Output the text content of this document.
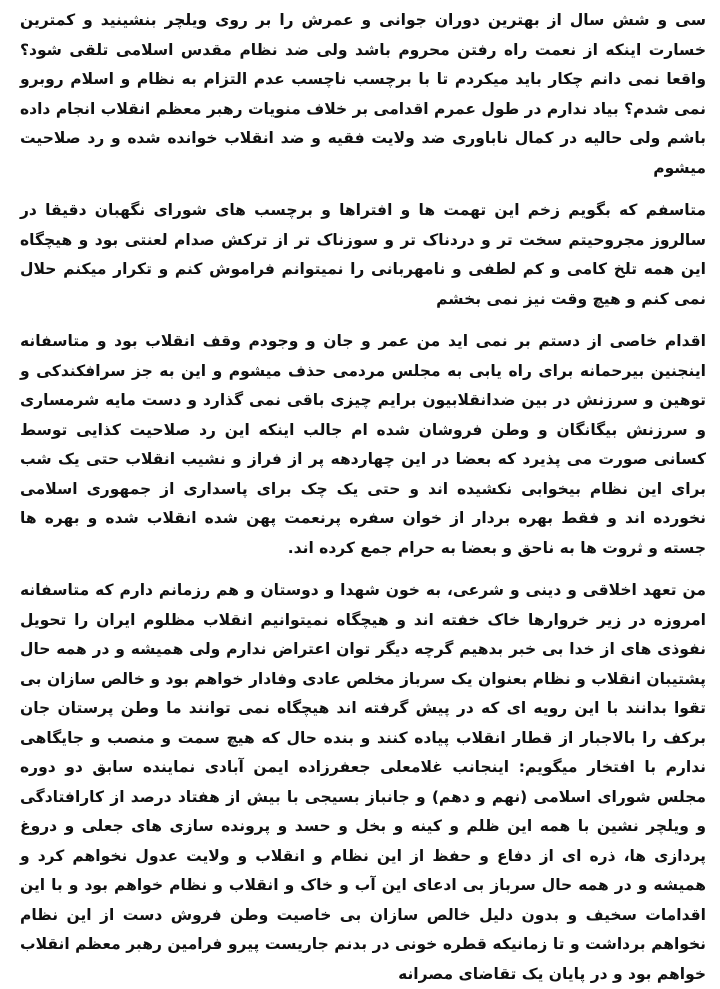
سی و شش سال از بهترین دوران جوانی و عمرش را بر روی ویلچر بنشینید و کمترین خسارت اینکه از نعمت راه رفتن محروم باشد ولی ضد نظام مقدس اسلامی تلقی شود؟ واقعا نمی دانم چکار باید میکردم تا با برچسب ناچسب عدم التزام به نظام و اسلام روبرو نمی شدم؟ بیاد ندارم در طول عمرم اقدامی بر خلاف منویات رهبر معظم انقلاب انجام داده باشم ولی حالیه در کمال ناباوری ضد ولایت فقیه و ضد انقلاب خوانده شده و رد صلاحیت میشوم

متاسفم که بگویم زخم این تهمت ها و افتراها و برچسب های شورای نگهبان دقیقا در سالروز مجروحیتم سخت تر و دردناک تر و سوزناک تر از ترکش صدام لعنتی بود و هیچگاه این همه تلخ کامی و کم لطفی و نامهربانی را نمیتوانم فراموش کنم و تکرار میکنم حلال نمی کنم و هیچ وقت نیز نمی بخشم

اقدام خاصی از دستم بر نمی اید من عمر و جان و وجودم وقف انقلاب بود و متاسفانه اینجنین بیرحمانه برای راه یابی به مجلس مردمی حذف میشوم و این به جز سرافکندکی و توهین و سرزنش در بین ضدانقلابیون برایم چیزی باقی نمی گذارد و دست مایه شرمساری و سرزنش بیگانگان و وطن فروشان شده ام جالب اینکه این رد صلاحیت کذایی توسط کسانی صورت می پذیرد که بعضا در این چهاردهه پر از فراز و نشیب انقلاب حتی یک شب برای این نظام بیخوابی نکشیده اند و حتی یک چک برای پاسداری از جمهوری اسلامی نخورده اند و فقط بهره بردار از خوان سفره پرنعمت پهن شده انقلاب شده و بهره ها جسته و ثروت ها به ناحق و بعضا به حرام جمع کرده اند.

من تعهد اخلاقی و دینی و شرعی، به خون شهدا و دوستان و هم رزمانم دارم که متاسفانه امروزه در زیر خروارها خاک خفته اند و هیچگاه نمیتوانیم انقلاب مظلوم ایران را تحویل نفوذی های از خدا بی خبر بدهیم گرچه دیگر توان اعتراض ندارم ولی همیشه و در همه حال پشتیبان انقلاب و نظام بعنوان یک سرباز مخلص عادی وفادار خواهم بود و خالص سازان بی تقوا بدانند با این رویه ای که در پیش گرفته اند هیچگاه نمی توانند ما وطن پرستان جان برکف را بالاجبار از قطار انقلاب پیاده کنند و بنده حال که هیچ سمت و منصب و جایگاهی ندارم با افتخار میگویم: اینجانب غلامعلی جعفرزاده ایمن آبادی نماینده سابق دو دوره مجلس شورای اسلامی (نهم و دهم) و جانباز بسیجی با بیش از هفتاد درصد از کارافتادگی و ویلچر نشین با همه این ظلم و کینه و بخل و حسد و پرونده سازی های جعلی و دروغ پردازی ها، ذره ای از دفاع و حفظ از این نظام و انقلاب و ولایت عدول نخواهم کرد و همیشه و در همه حال سرباز بی ادعای این آب و خاک و انقلاب و نظام خواهم بود و با این اقدامات سخیف و بدون دلیل خالص سازان بی خاصیت وطن فروش دست از این نظام نخواهم برداشت و تا زمانیکه قطره خونی در بدنم جاریست پیرو فرامین رهبر معظم انقلاب خواهم بود و در پایان یک تقاضای مصرانه
